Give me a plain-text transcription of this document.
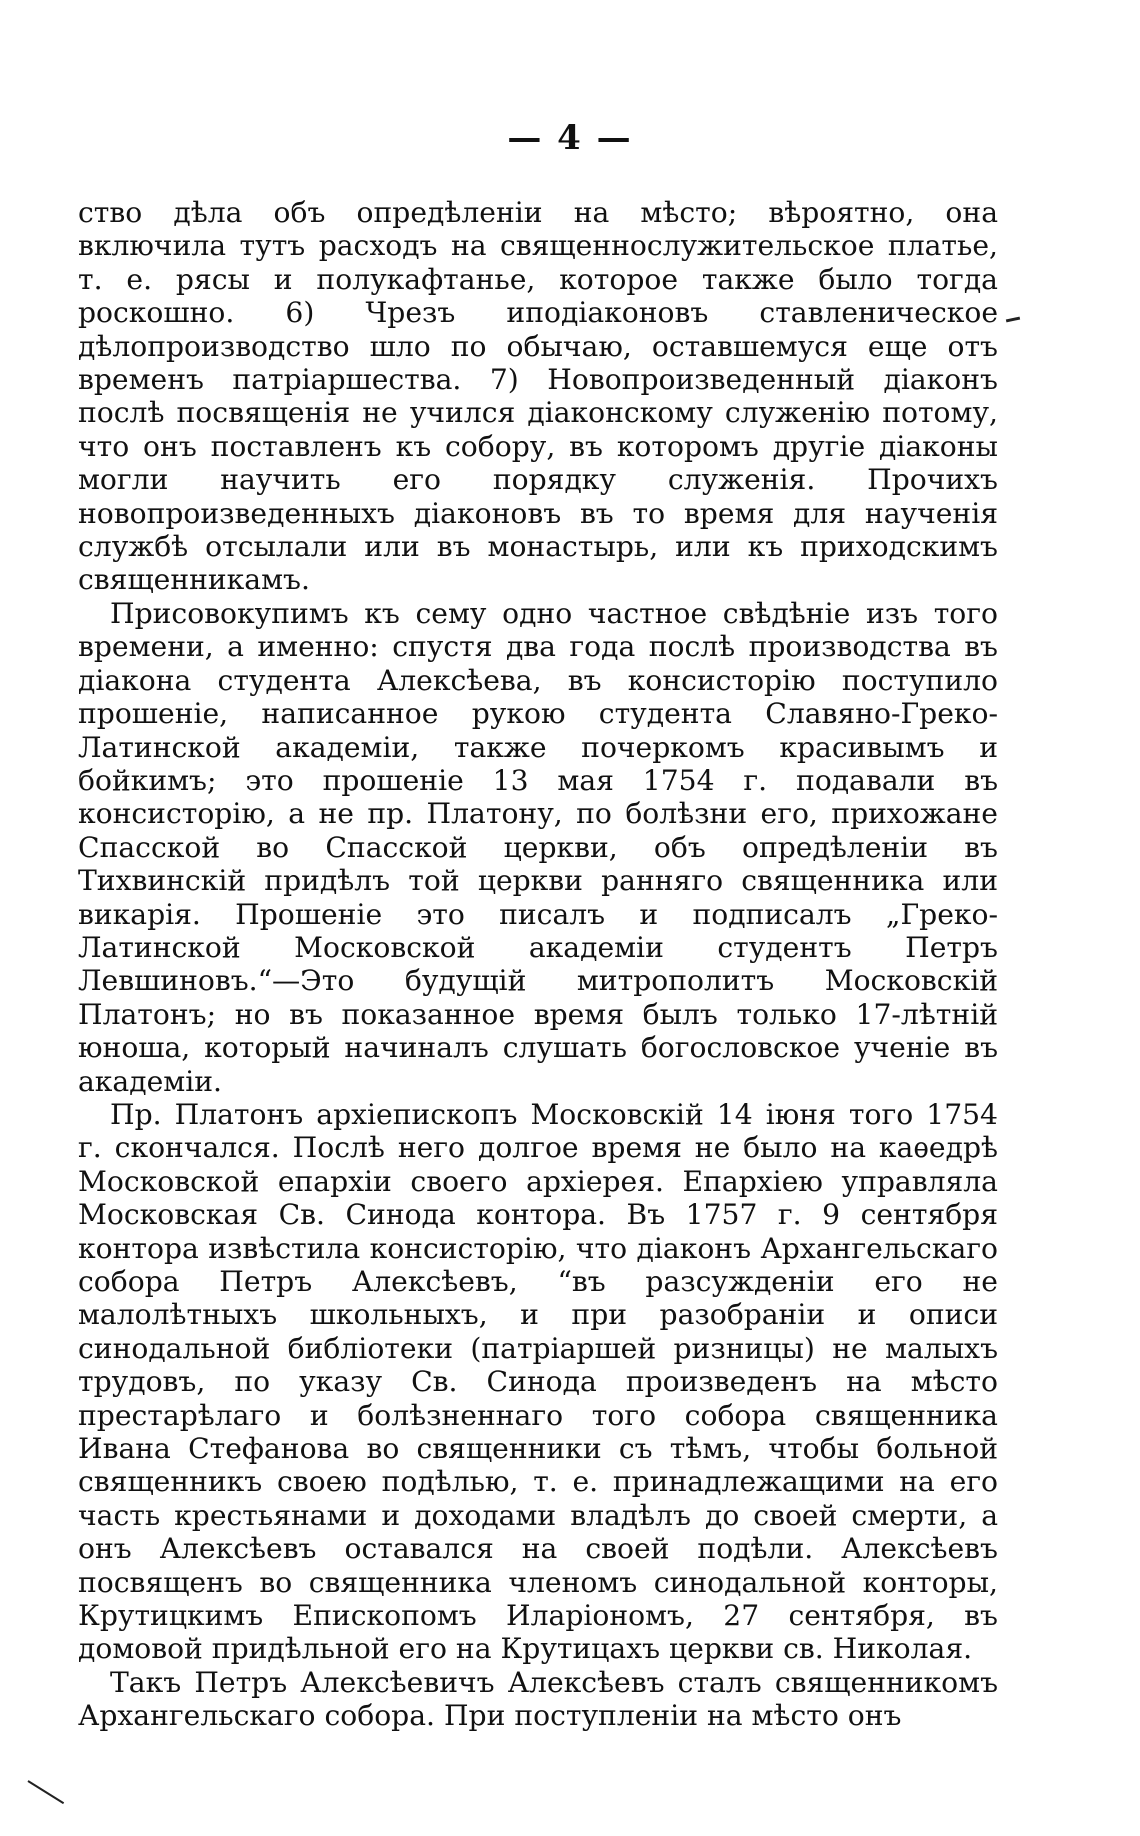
— 4 —

ство дѣла объ опредѣленіи на мѣсто; вѣроятно, она включила тутъ расходъ на священнослужительское платье, т. е. рясы и полукафтанье, которое также было тогда роскошно. 6) Чрезъ иподіаконовъ ставленическое дѣлопроизводство шло по обычаю, оставшемуся еще отъ временъ патріаршества. 7) Новопроизведенный діаконъ послѣ посвященія не учился діаконскому служенію потому, что онъ поставленъ къ собору, въ которомъ другіе діаконы могли научить его порядку служенія. Прочихъ новопроизведенныхъ діаконовъ въ то время для наученія службѣ отсылали или въ монастырь, или къ приходскимъ священникамъ.

Присовокупимъ къ сему одно частное свѣдѣніе изъ того времени, а именно: спустя два года послѣ производства въ діакона студента Алексѣева, въ консисторію поступило прошеніе, написанное рукою студента Славяно-Греко-Латинской академіи, также почеркомъ красивымъ и бойкимъ; это прошеніе 13 мая 1754 г. подавали въ консисторію, а не пр. Платону, по болѣзни его, прихожане Спасской во Спасской церкви, объ опредѣленіи въ Тихвинскій придѣлъ той церкви ранняго священника или викарія. Прошеніе это писалъ и подписалъ „Греко-Латинской Московской академіи студентъ Петръ Левшиновъ.“—Это будущій митрополитъ Московскій Платонъ; но въ показанное время былъ только 17-лѣтній юноша, который начиналъ слушать богословское ученіе въ академіи.

Пр. Платонъ архіепископъ Московскій 14 іюня того 1754 г. скончался. Послѣ него долгое время не было на каѳедрѣ Московской епархіи своего архіерея. Епархіею управляла Московская Св. Синода контора. Въ 1757 г. 9 сентября контора извѣстила консисторію, что діаконъ Архангельскаго собора Петръ Алексѣевъ, “въ разсужденіи его не малолѣтныхъ школьныхъ, и при разобраніи и описи синодальной библіотеки (патріаршей ризницы) не малыхъ трудовъ, по указу Св. Синода произведенъ на мѣсто престарѣлаго и болѣзненнаго того собора священника Ивана Стефанова во священники съ тѣмъ, чтобы больной священникъ своею подѣлью, т. е. принадлежащими на его часть крестьянами и доходами владѣлъ до своей смерти, а онъ Алексѣевъ оставался на своей подѣли. Алексѣевъ посвященъ во священника членомъ синодальной конторы, Крутицкимъ Епископомъ Иларіономъ, 27 сентября, въ домовой придѣльной его на Крутицахъ церкви св. Николая.

Такъ Петръ Алексѣевичъ Алексѣевъ сталъ священникомъ Архангельскаго собора. При поступленіи на мѣсто онъ
